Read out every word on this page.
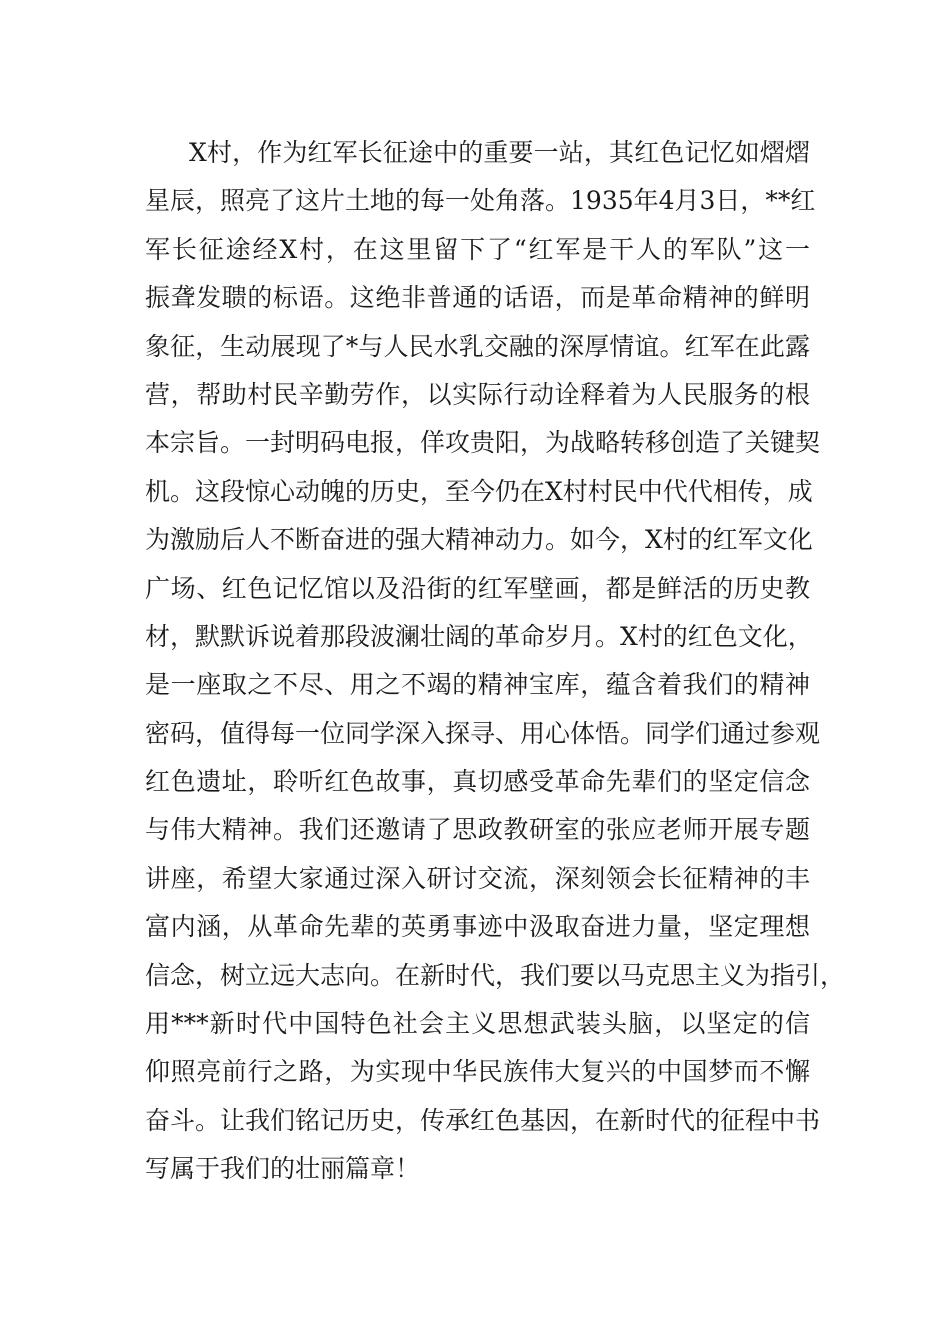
X村，作为红军长征途中的重要一站，其红色记忆如熠熠
星辰，照亮了这片土地的每一处角落。1935年4月3日，**红
军长征途经X村，在这里留下了“红军是干人的军队”这一
振聋发聩的标语。这绝非普通的话语，而是革命精神的鲜明
象征，生动展现了*与人民水乳交融的深厚情谊。红军在此露
营，帮助村民辛勤劳作，以实际行动诠释着为人民服务的根
本宗旨。一封明码电报，佯攻贵阳，为战略转移创造了关键契
机。这段惊心动魄的历史，至今仍在X村村民中代代相传，成
为激励后人不断奋进的强大精神动力。如今，X村的红军文化
广场、红色记忆馆以及沿街的红军壁画，都是鲜活的历史教
材，默默诉说着那段波澜壮阔的革命岁月。X村的红色文化，
是一座取之不尽、用之不竭的精神宝库，蕴含着我们的精神
密码，值得每一位同学深入探寻、用心体悟。同学们通过参观
红色遗址，聆听红色故事，真切感受革命先辈们的坚定信念
与伟大精神。我们还邀请了思政教研室的张应老师开展专题
讲座，希望大家通过深入研讨交流，深刻领会长征精神的丰
富内涵，从革命先辈的英勇事迹中汲取奋进力量，坚定理想
信念，树立远大志向。在新时代，我们要以马克思主义为指引，
用***新时代中国特色社会主义思想武装头脑，以坚定的信
仰照亮前行之路，为实现中华民族伟大复兴的中国梦而不懈
奋斗。让我们铭记历史，传承红色基因，在新时代的征程中书
写属于我们的壮丽篇章！
